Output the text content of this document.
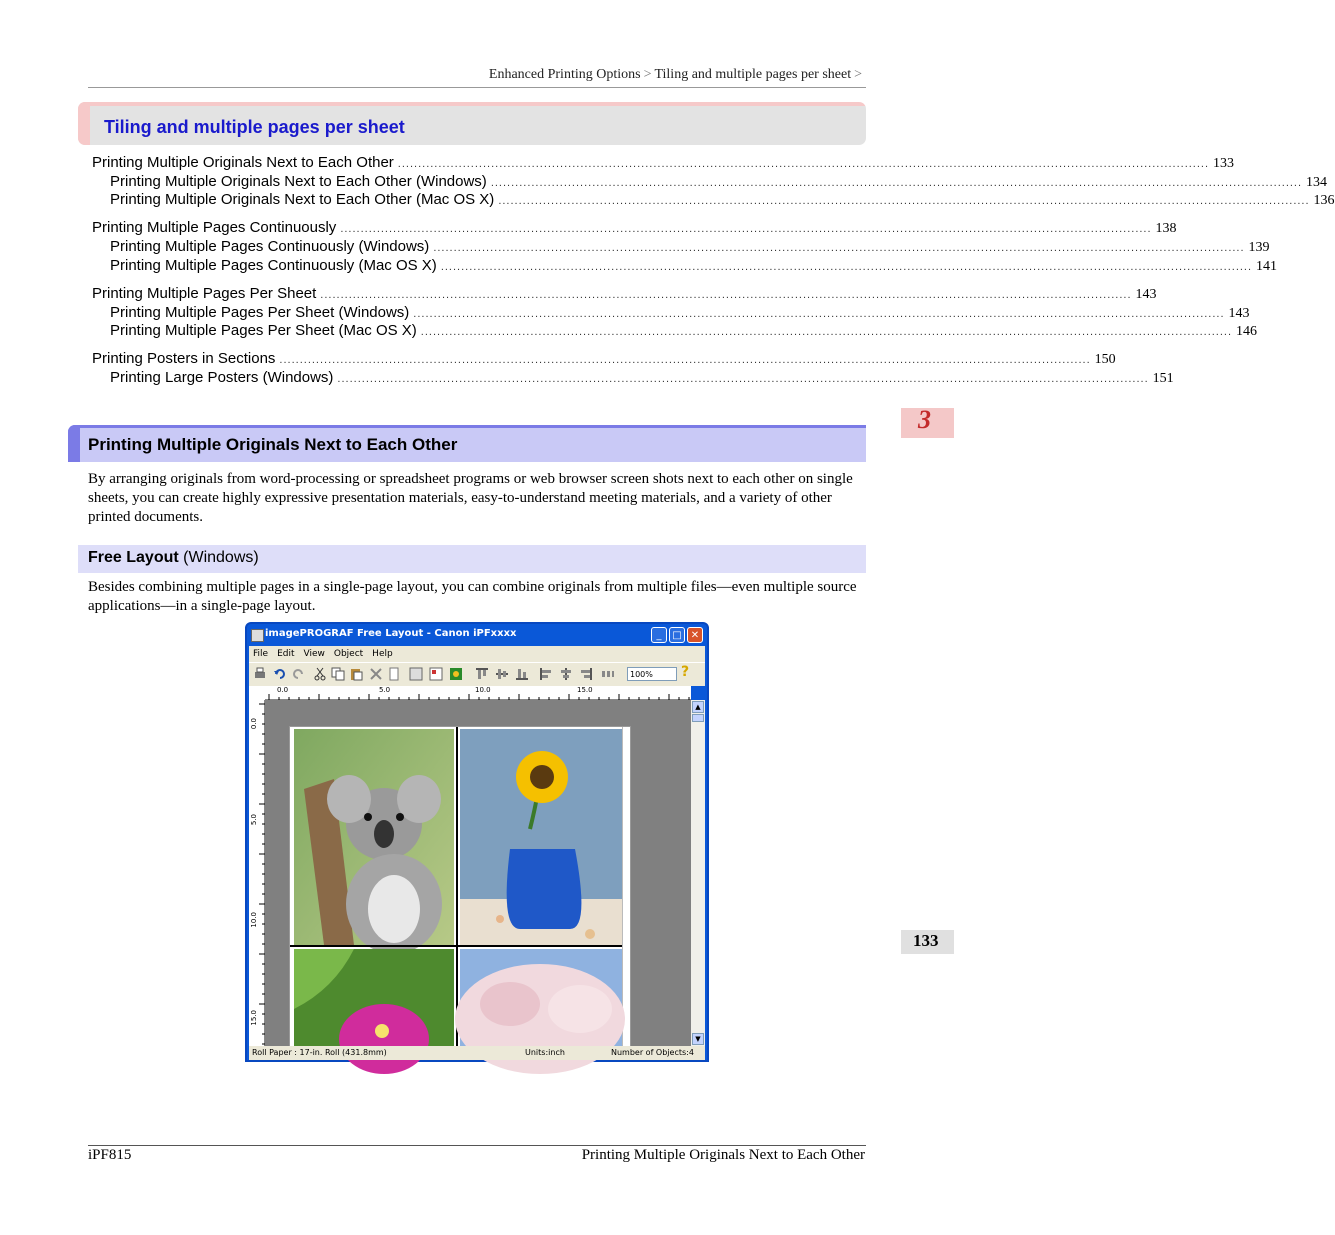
Enhanced Printing Options > Tiling and multiple pages per sheet >
Tiling and multiple pages per sheet
Printing Multiple Originals Next to Each Other ........................................................................................................................................................................................................ 133
Printing Multiple Originals Next to Each Other (Windows) ........................................................................................................................................................................................................ 134
Printing Multiple Originals Next to Each Other (Mac OS X) ........................................................................................................................................................................................................ 136
Printing Multiple Pages Continuously ........................................................................................................................................................................................................ 138
Printing Multiple Pages Continuously (Windows) ........................................................................................................................................................................................................ 139
Printing Multiple Pages Continuously (Mac OS X) ........................................................................................................................................................................................................ 141
Printing Multiple Pages Per Sheet ........................................................................................................................................................................................................ 143
Printing Multiple Pages Per Sheet (Windows) ........................................................................................................................................................................................................ 143
Printing Multiple Pages Per Sheet (Mac OS X) ........................................................................................................................................................................................................ 146
Printing Posters in Sections ........................................................................................................................................................................................................ 150
Printing Large Posters (Windows) ........................................................................................................................................................................................................ 151
3
133
Printing Multiple Originals Next to Each Other
By arranging originals from word-processing or spreadsheet programs or web browser screen shots next to each other on single sheets, you can create highly expressive presentation materials, easy-to-understand meeting materials, and a variety of other printed documents.
Free Layout (Windows)
Besides combining multiple pages in a single-page layout, you can combine originals from multiple files—even multiple source applications—in a single-page layout.
imagePROGRAF Free Layout - Canon iPFxxxx	_	□ ✕
File Edit View Object Help
100%	?
0.0	5.0	10.0	15.0
0.0
5.0
10.0
15.0
▲
▼
Roll Paper : 17-in. Roll (431.8mm)	Units:inch	Number of Objects:4
iPF815	Printing Multiple Originals Next to Each Other
